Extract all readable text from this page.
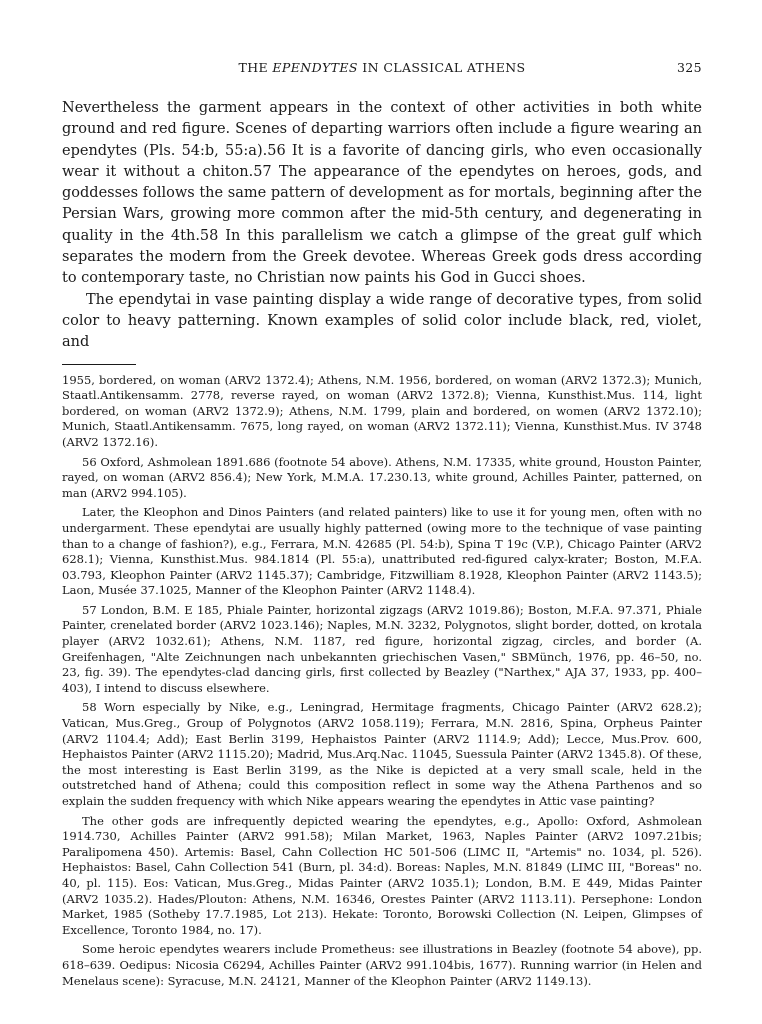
THE EPENDYTES IN CLASSICAL ATHENS	325

Nevertheless the garment appears in the context of other activities in both white ground and red figure. Scenes of departing warriors often include a figure wearing an ependytes (Pls. 54:b, 55:a).56 It is a favorite of dancing girls, who even occasionally wear it without a chiton.57 The appearance of the ependytes on heroes, gods, and goddesses follows the same pattern of development as for mortals, beginning after the Persian Wars, growing more common after the mid-5th century, and degenerating in quality in the 4th.58 In this parallelism we catch a glimpse of the great gulf which separates the modern from the Greek devotee. Whereas Greek gods dress according to contemporary taste, no Christian now paints his God in Gucci shoes.

The ependytai in vase painting display a wide range of decorative types, from solid color to heavy patterning. Known examples of solid color include black, red, violet, and

1955, bordered, on woman (ARV2 1372.4); Athens, N.M. 1956, bordered, on woman (ARV2 1372.3); Munich, Staatl.Antikensamm. 2778, reverse rayed, on woman (ARV2 1372.8); Vienna, Kunsthist.Mus. 114, light bordered, on woman (ARV2 1372.9); Athens, N.M. 1799, plain and bordered, on women (ARV2 1372.10); Munich, Staatl.Antikensamm. 7675, long rayed, on woman (ARV2 1372.11); Vienna, Kunsthist.Mus. IV 3748 (ARV2 1372.16).

56 Oxford, Ashmolean 1891.686 (footnote 54 above). Athens, N.M. 17335, white ground, Houston Painter, rayed, on woman (ARV2 856.4); New York, M.M.A. 17.230.13, white ground, Achilles Painter, patterned, on man (ARV2 994.105).

Later, the Kleophon and Dinos Painters (and related painters) like to use it for young men, often with no undergarment. These ependytai are usually highly patterned (owing more to the technique of vase painting than to a change of fashion?), e.g., Ferrara, M.N. 42685 (Pl. 54:b), Spina T 19c (V.P.), Chicago Painter (ARV2 628.1); Vienna, Kunsthist.Mus. 984.1814 (Pl. 55:a), unattributed red-figured calyx-krater; Boston, M.F.A. 03.793, Kleophon Painter (ARV2 1145.37); Cambridge, Fitzwilliam 8.1928, Kleophon Painter (ARV2 1143.5); Laon, Musée 37.1025, Manner of the Kleophon Painter (ARV2 1148.4).

57 London, B.M. E 185, Phiale Painter, horizontal zigzags (ARV2 1019.86); Boston, M.F.A. 97.371, Phiale Painter, crenelated border (ARV2 1023.146); Naples, M.N. 3232, Polygnotos, slight border, dotted, on krotala player (ARV2 1032.61); Athens, N.M. 1187, red figure, horizontal zigzag, circles, and border (A. Greifenhagen, "Alte Zeichnungen nach unbekannten griechischen Vasen," SBMünch, 1976, pp. 46–50, no. 23, fig. 39). The ependytes-clad dancing girls, first collected by Beazley ("Narthex," AJA 37, 1933, pp. 400–403), I intend to discuss elsewhere.

58 Worn especially by Nike, e.g., Leningrad, Hermitage fragments, Chicago Painter (ARV2 628.2); Vatican, Mus.Greg., Group of Polygnotos (ARV2 1058.119); Ferrara, M.N. 2816, Spina, Orpheus Painter (ARV2 1104.4; Add); East Berlin 3199, Hephaistos Painter (ARV2 1114.9; Add); Lecce, Mus.Prov. 600, Hephaistos Painter (ARV2 1115.20); Madrid, Mus.Arq.Nac. 11045, Suessula Painter (ARV2 1345.8). Of these, the most interesting is East Berlin 3199, as the Nike is depicted at a very small scale, held in the outstretched hand of Athena; could this composition reflect in some way the Athena Parthenos and so explain the sudden frequency with which Nike appears wearing the ependytes in Attic vase painting?

The other gods are infrequently depicted wearing the ependytes, e.g., Apollo: Oxford, Ashmolean 1914.730, Achilles Painter (ARV2 991.58); Milan Market, 1963, Naples Painter (ARV2 1097.21bis; Paralipomena 450). Artemis: Basel, Cahn Collection HC 501-506 (LIMC II, "Artemis" no. 1034, pl. 526). Hephaistos: Basel, Cahn Collection 541 (Burn, pl. 34:d). Boreas: Naples, M.N. 81849 (LIMC III, "Boreas" no. 40, pl. 115). Eos: Vatican, Mus.Greg., Midas Painter (ARV2 1035.1); London, B.M. E 449, Midas Painter (ARV2 1035.2). Hades/Plouton: Athens, N.M. 16346, Orestes Painter (ARV2 1113.11). Persephone: London Market, 1985 (Sotheby 17.7.1985, Lot 213). Hekate: Toronto, Borowski Collection (N. Leipen, Glimpses of Excellence, Toronto 1984, no. 17).

Some heroic ependytes wearers include Prometheus: see illustrations in Beazley (footnote 54 above), pp. 618–639. Oedipus: Nicosia C6294, Achilles Painter (ARV2 991.104bis, 1677). Running warrior (in Helen and Menelaus scene): Syracuse, M.N. 24121, Manner of the Kleophon Painter (ARV2 1149.13).
